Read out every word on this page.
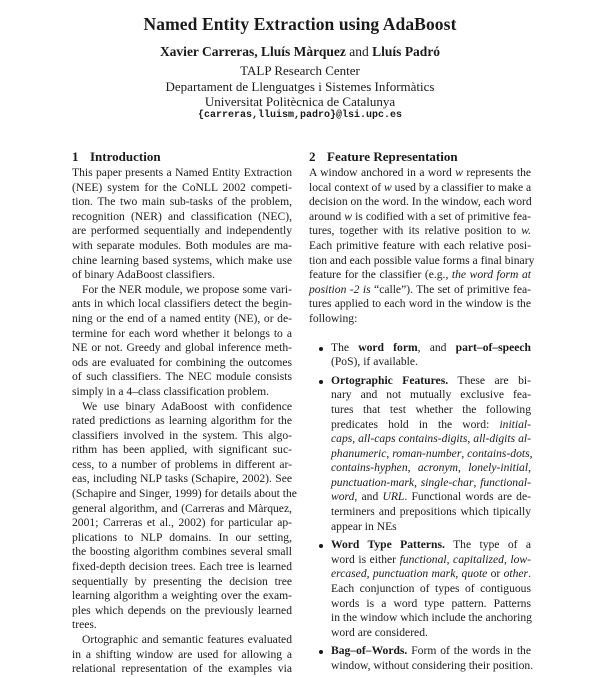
Named Entity Extraction using AdaBoost
Xavier Carreras, Lluís Màrquez and Lluís Padró
TALP Research Center
Departament de Llenguatges i Sistemes Informàtics
Universitat Politècnica de Catalunya
{carreras,lluism,padro}@lsi.upc.es
1 Introduction
This paper presents a Named Entity Extraction
(NEE) system for the CoNLL 2002 competi-
tion. The two main sub-tasks of the problem,
recognition (NER) and classification (NEC),
are performed sequentially and independently
with separate modules. Both modules are ma-
chine learning based systems, which make use
of binary AdaBoost classifiers.
For the NER module, we propose some vari-
ants in which local classifiers detect the begin-
ning or the end of a named entity (NE), or de-
termine for each word whether it belongs to a
NE or not. Greedy and global inference meth-
ods are evaluated for combining the outcomes
of such classifiers. The NEC module consists
simply in a 4–class classification problem.
We use binary AdaBoost with confidence
rated predictions as learning algorithm for the
classifiers involved in the system. This algo-
rithm has been applied, with significant suc-
cess, to a number of problems in different ar-
eas, including NLP tasks (Schapire, 2002). See
(Schapire and Singer, 1999) for details about the
general algorithm, and (Carreras and Màrquez,
2001; Carreras et al., 2002) for particular ap-
plications to NLP domains. In our setting,
the boosting algorithm combines several small
fixed-depth decision trees. Each tree is learned
sequentially by presenting the decision tree
learning algorithm a weighting over the exam-
ples which depends on the previously learned
trees.
Ortographic and semantic features evaluated
in a shifting window are used for allowing a
relational representation of the examples via
2 Feature Representation
A window anchored in a word w represents the
local context of w used by a classifier to make a
decision on the word. In the window, each word
around w is codified with a set of primitive fea-
tures, together with its relative position to w.
Each primitive feature with each relative posi-
tion and each possible value forms a final binary
feature for the classifier (e.g., the word form at
position -2 is “calle”). The set of primitive fea-
tures applied to each word in the window is the
following:
The word form, and part–of–speech
(PoS), if available.
Ortographic Features. These are bi-
nary and not mutually exclusive fea-
tures that test whether the following
predicates hold in the word: initial-
caps, all-caps contains-digits, all-digits al-
phanumeric, roman-number, contains-dots,
contains-hyphen, acronym, lonely-initial,
punctuation-mark, single-char, functional-
word, and URL. Functional words are de-
terminers and prepositions which tipically
appear in NEs
Word Type Patterns. The type of a
word is either functional, capitalized, low-
ercased, punctuation mark, quote or other.
Each conjunction of types of contiguous
words is a word type pattern. Patterns
in the window which include the anchoring
word are considered.
Bag–of–Words. Form of the words in the
window, without considering their position.
